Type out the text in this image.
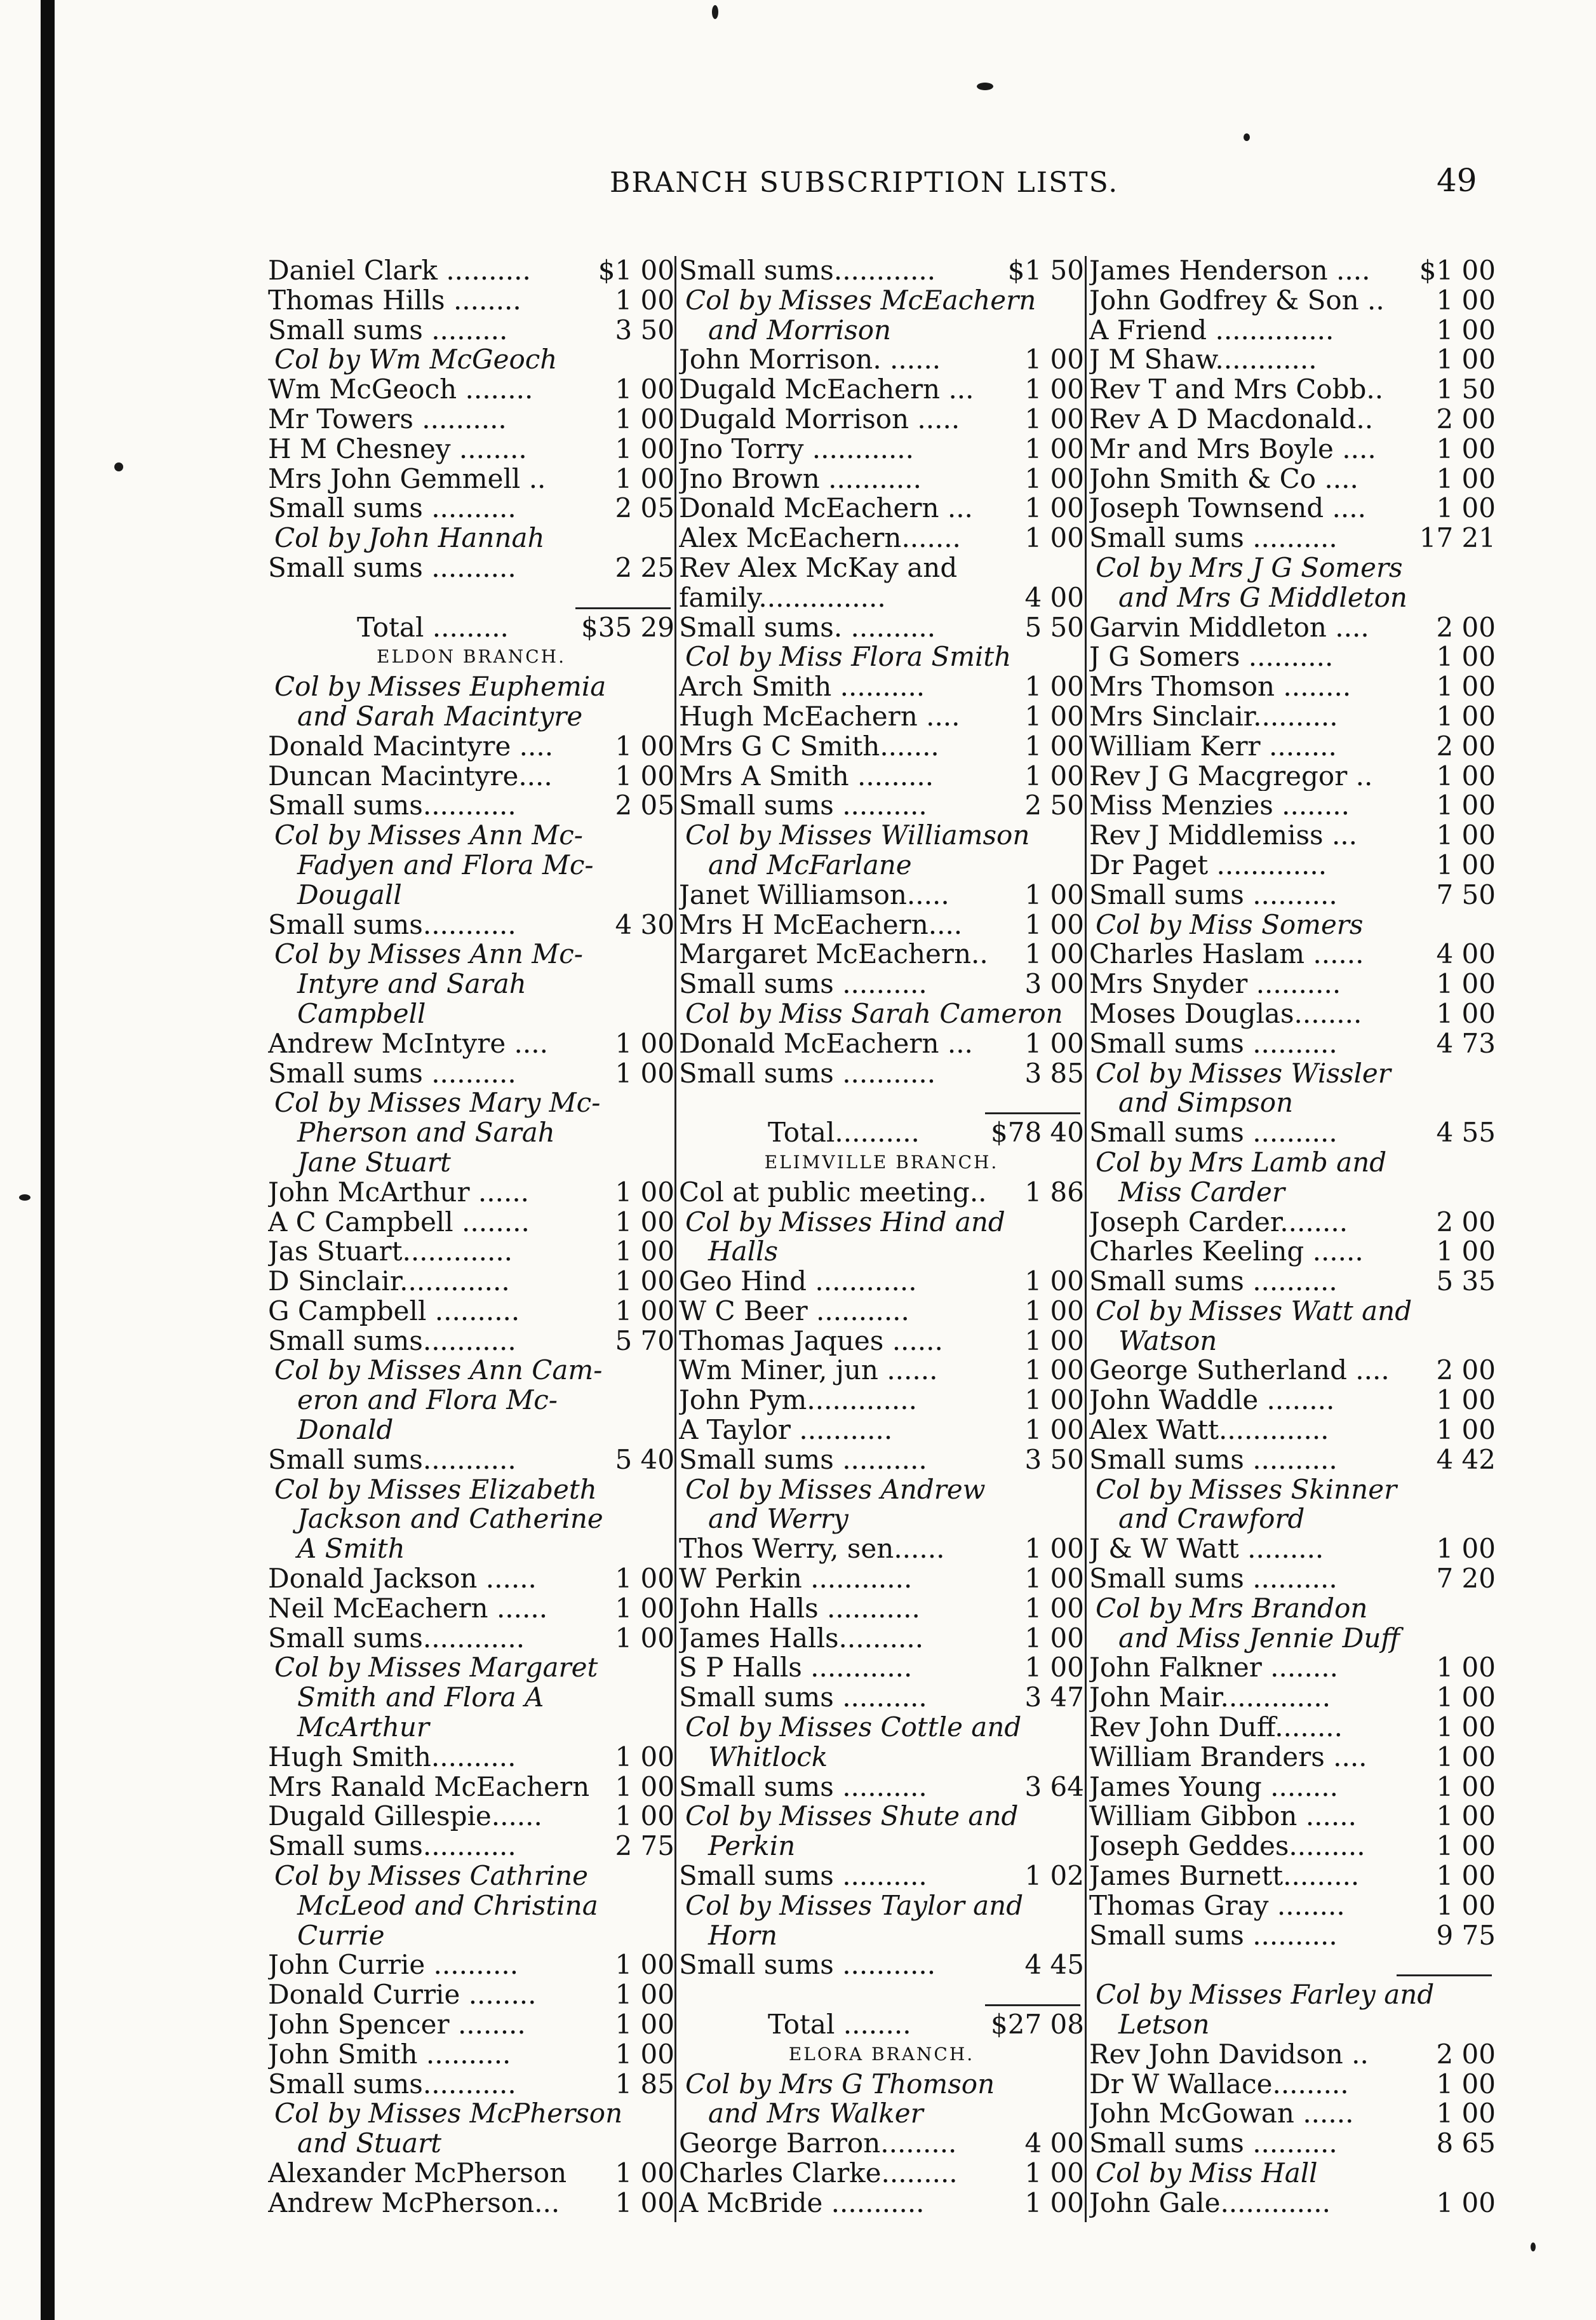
BRANCH SUBSCRIPTION LISTS.	49
Daniel Clark ..........	$1 00
Thomas Hills ........	1 00
Small sums .........	3 50
Col by Wm McGeoch
Wm McGeoch ........	1 00
Mr Towers ..........	1 00
H M Chesney ........	1 00
Mrs John Gemmell ..	1 00
Small sums ..........	2 05
Col by John Hannah
Small sums ..........	2 25
Total .........	$35 29
ELDON BRANCH.
Col by Misses Euphemia
and Sarah Macintyre
Donald Macintyre ....	1 00
Duncan Macintyre....	1 00
Small sums...........	2 05
Col by Misses Ann Mc-
Fadyen and Flora Mc-
Dougall
Small sums...........	4 30
Col by Misses Ann Mc-
Intyre and Sarah
Campbell
Andrew McIntyre ....	1 00
Small sums ..........	1 00
Col by Misses Mary Mc-
Pherson and Sarah
Jane Stuart
John McArthur ......	1 00
A C Campbell ........	1 00
Jas Stuart.............	1 00
D Sinclair.............	1 00
G Campbell ..........	1 00
Small sums...........	5 70
Col by Misses Ann Cam-
eron and Flora Mc-
Donald
Small sums...........	5 40
Col by Misses Elizabeth
Jackson and Catherine
A Smith
Donald Jackson ......	1 00
Neil McEachern ......	1 00
Small sums............	1 00
Col by Misses Margaret
Smith and Flora A
McArthur
Hugh Smith..........	1 00
Mrs Ranald McEachern 1 00
Dugald Gillespie......	1 00
Small sums...........	2 75
Col by Misses Cathrine
McLeod and Christina
Currie
John Currie ..........	1 00
Donald Currie ........	1 00
John Spencer ........	1 00
John Smith ..........	1 00
Small sums...........	1 85
Col by Misses McPherson
and Stuart
Alexander McPherson	1 00
Andrew McPherson...	1 00
Small sums............	$1 50
Col by Misses McEachern
and Morrison
John Morrison. ......	1 00
Dugald McEachern ...	1 00
Dugald Morrison .....	1 00
Jno Torry ............	1 00
Jno Brown ...........	1 00
Donald McEachern ...	1 00
Alex McEachern.......	1 00
Rev Alex McKay and
family...............	4 00
Small sums. ..........	5 50
Col by Miss Flora Smith
Arch Smith ..........	1 00
Hugh McEachern ....	1 00
Mrs G C Smith.......	1 00
Mrs A Smith .........	1 00
Small sums ..........	2 50
Col by Misses Williamson
and McFarlane
Janet Williamson.....	1 00
Mrs H McEachern....	1 00
Margaret McEachern..	1 00
Small sums ..........	3 00
Col by Miss Sarah Cameron
Donald McEachern ...	1 00
Small sums ...........	3 85
Total..........	$78 40
ELIMVILLE BRANCH.
Col at public meeting..	1 86
Col by Misses Hind and
Halls
Geo Hind ............	1 00
W C Beer ...........	1 00
Thomas Jaques ......	1 00
Wm Miner, jun ......	1 00
John Pym.............	1 00
A Taylor ...........	1 00
Small sums ..........	3 50
Col by Misses Andrew
and Werry
Thos Werry, sen......	1 00
W Perkin ............	1 00
John Halls ...........	1 00
James Halls..........	1 00
S P Halls ............	1 00
Small sums ..........	3 47
Col by Misses Cottle and
Whitlock
Small sums ..........	3 64
Col by Misses Shute and
Perkin
Small sums ..........	1 02
Col by Misses Taylor and
Horn
Small sums ...........	4 45
Total ........	$27 08
ELORA BRANCH.
Col by Mrs G Thomson
and Mrs Walker
George Barron.........	4 00
Charles Clarke.........	1 00
A McBride ...........	1 00
James Henderson ....	$1 00
John Godfrey & Son ..	1 00
A Friend ..............	1 00
J M Shaw............	1 00
Rev T and Mrs Cobb..	1 50
Rev A D Macdonald..	2 00
Mr and Mrs Boyle ....	1 00
John Smith & Co ....	1 00
Joseph Townsend ....	1 00
Small sums ..........	17 21
Col by Mrs J G Somers
and Mrs G Middleton
Garvin Middleton ....	2 00
J G Somers ..........	1 00
Mrs Thomson ........	1 00
Mrs Sinclair..........	1 00
William Kerr ........	2 00
Rev J G Macgregor ..	1 00
Miss Menzies ........	1 00
Rev J Middlemiss ...	1 00
Dr Paget .............	1 00
Small sums ..........	7 50
Col by Miss Somers
Charles Haslam ......	4 00
Mrs Snyder ..........	1 00
Moses Douglas........	1 00
Small sums ..........	4 73
Col by Misses Wissler
and Simpson
Small sums ..........	4 55
Col by Mrs Lamb and
Miss Carder
Joseph Carder........	2 00
Charles Keeling ......	1 00
Small sums ..........	5 35
Col by Misses Watt and
Watson
George Sutherland ....	2 00
John Waddle ........	1 00
Alex Watt.............	1 00
Small sums ..........	4 42
Col by Misses Skinner
and Crawford
J & W Watt .........	1 00
Small sums ..........	7 20
Col by Mrs Brandon
and Miss Jennie Duff
John Falkner ........	1 00
John Mair.............	1 00
Rev John Duff........	1 00
William Branders ....	1 00
James Young ........	1 00
William Gibbon ......	1 00
Joseph Geddes.........	1 00
James Burnett.........	1 00
Thomas Gray ........	1 00
Small sums ..........	9 75
Col by Misses Farley and
Letson
Rev John Davidson ..	2 00
Dr W Wallace.........	1 00
John McGowan ......	1 00
Small sums ..........	8 65
Col by Miss Hall
John Gale.............	1 00
